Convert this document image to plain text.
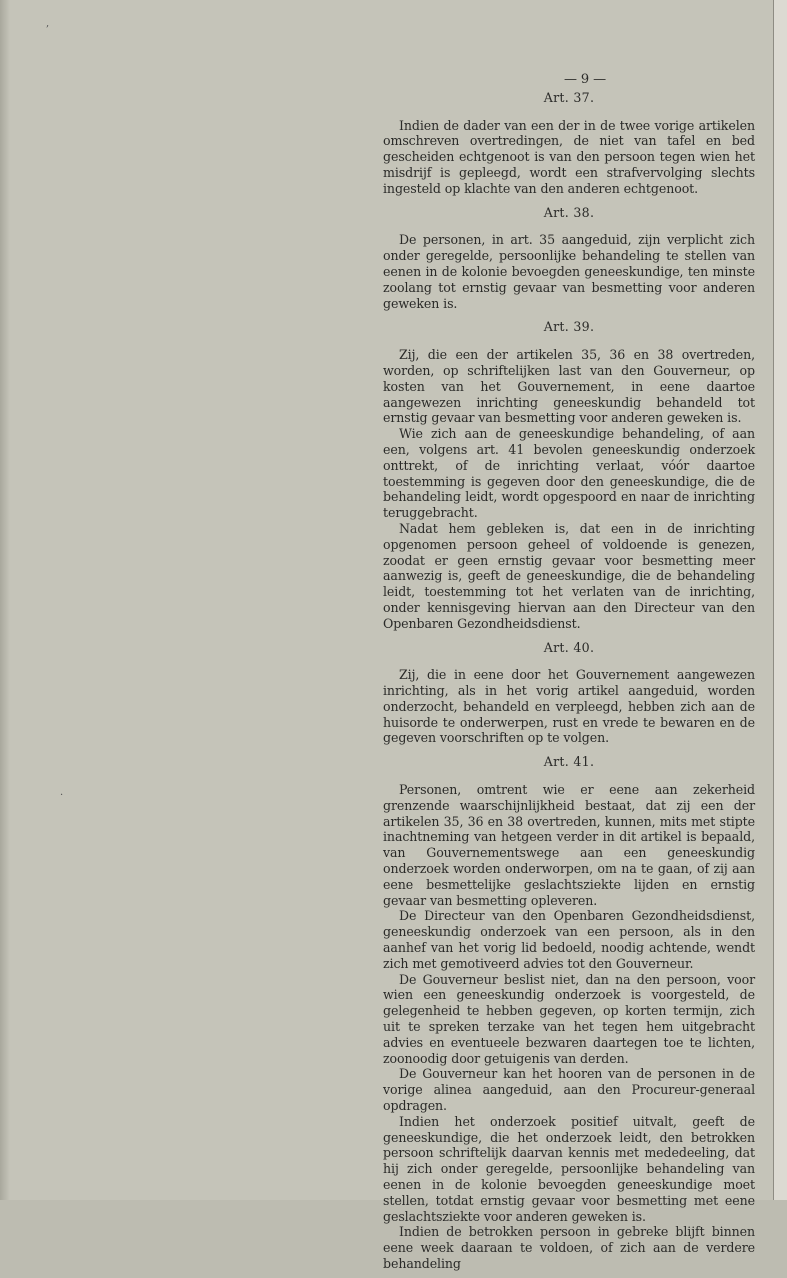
,
·
— 9 —
Art. 37.

Indien de dader van een der in de twee vorige artikelen omschreven overtredingen, de niet van tafel en bed gescheiden echtgenoot is van den persoon tegen wien het misdrijf is gepleegd, wordt een strafvervolging slechts ingesteld op klachte van den anderen echtgenoot.

Art. 38.

De personen, in art. 35 aangeduid, zijn verplicht zich onder geregelde, persoonlijke behandeling te stellen van eenen in de kolonie bevoegden geneeskundige, ten minste zoolang tot ernstig gevaar van besmetting voor anderen geweken is.

Art. 39.

Zij, die een der artikelen 35, 36 en 38 overtreden, worden, op schriftelijken last van den Gouverneur, op kosten van het Gouvernement, in eene daartoe aangewezen inrichting geneeskundig behandeld tot ernstig gevaar van besmetting voor anderen geweken is.

Wie zich aan de geneeskundige behandeling, of aan een, volgens art. 41 bevolen geneeskundig onderzoek onttrekt, of de inrichting verlaat, vóór daartoe toestemming is gegeven door den geneeskundige, die de behandeling leidt, wordt opgespoord en naar de inrichting teruggebracht.

Nadat hem gebleken is, dat een in de inrichting opgenomen persoon geheel of voldoende is genezen, zoodat er geen ernstig gevaar voor besmetting meer aanwezig is, geeft de geneeskundige, die de behandeling leidt, toestemming tot het verlaten van de inrichting, onder kennisgeving hiervan aan den Directeur van den Openbaren Gezondheidsdienst.

Art. 40.

Zij, die in eene door het Gouvernement aangewezen inrichting, als in het vorig artikel aangeduid, worden onderzocht, behandeld en verpleegd, hebben zich aan de huisorde te onderwerpen, rust en vrede te bewaren en de gegeven voorschriften op te volgen.

Art. 41.

Personen, omtrent wie er eene aan zekerheid grenzende waarschijnlijkheid bestaat, dat zij een der artikelen 35, 36 en 38 overtreden, kunnen, mits met stipte inachtneming van hetgeen verder in dit artikel is bepaald, van Gouvernementswege aan een geneeskundig onderzoek worden onderworpen, om na te gaan, of zij aan eene besmettelijke geslachtsziekte lijden en ernstig gevaar van besmetting opleveren.

De Directeur van den Openbaren Gezondheidsdienst, geneeskundig onderzoek van een persoon, als in den aanhef van het vorig lid bedoeld, noodig achtende, wendt zich met gemotiveerd advies tot den Gouverneur.

De Gouverneur beslist niet, dan na den persoon, voor wien een geneeskundig onderzoek is voorgesteld, de gelegenheid te hebben gegeven, op korten termijn, zich uit te spreken terzake van het tegen hem uitgebracht advies en eventueele bezwaren daartegen toe te lichten, zoonoodig door getuigenis van derden.

De Gouverneur kan het hooren van de personen in de vorige alinea aangeduid, aan den Procureur-generaal opdragen.

Indien het onderzoek positief uitvalt, geeft de geneeskundige, die het onderzoek leidt, den betrokken persoon schriftelijk daarvan kennis met mededeeling, dat hij zich onder geregelde, persoonlijke behandeling van eenen in de kolonie bevoegden geneeskundige moet stellen, totdat ernstig gevaar voor besmetting met eene geslachtsziekte voor anderen geweken is.

Indien de betrokken persoon in gebreke blijft binnen eene week daaraan te voldoen, of zich aan de verdere behandeling
